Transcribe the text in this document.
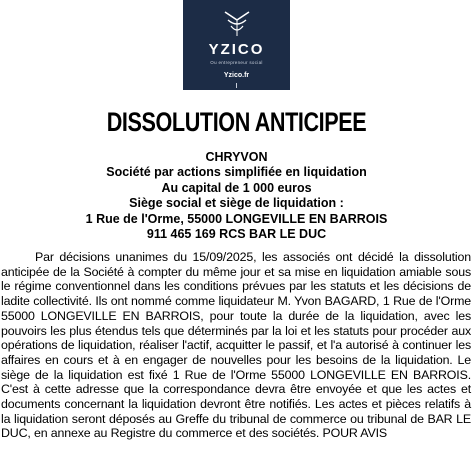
YZICO
Ou entrepreneur social
Yzico.fr
DISSOLUTION ANTICIPEE
CHRYVON
Société par actions simplifiée en liquidation
Au capital de 1 000 euros
Siège social et siège de liquidation :
1 Rue de l'Orme, 55000 LONGEVILLE EN BARROIS
911 465 169 RCS BAR LE DUC

Par décisions unanimes du 15/09/2025, les associés ont décidé la dissolution anticipée de la Société à compter du même jour et sa mise en liquidation amiable sous le régime conventionnel dans les conditions prévues par les statuts et les décisions de ladite collectivité. Ils ont nommé comme liquidateur M. Yvon BAGARD, 1 Rue de l'Orme 55000 LONGEVILLE EN BARROIS, pour toute la durée de la liquidation, avec les pouvoirs les plus étendus tels que déterminés par la loi et les statuts pour procéder aux opérations de liquidation, réaliser l'actif, acquitter le passif, et l'a autorisé à continuer les affaires en cours et à en engager de nouvelles pour les besoins de la liquidation. Le siège de la liquidation est fixé 1 Rue de l'Orme 55000 LONGEVILLE EN BARROIS. C'est à cette adresse que la correspondance devra être envoyée et que les actes et documents concernant la liquidation devront être notifiés. Les actes et pièces relatifs à la liquidation seront déposés au Greffe du tribunal de commerce ou tribunal de BAR LE DUC, en annexe au Registre du commerce et des sociétés. POUR AVIS
